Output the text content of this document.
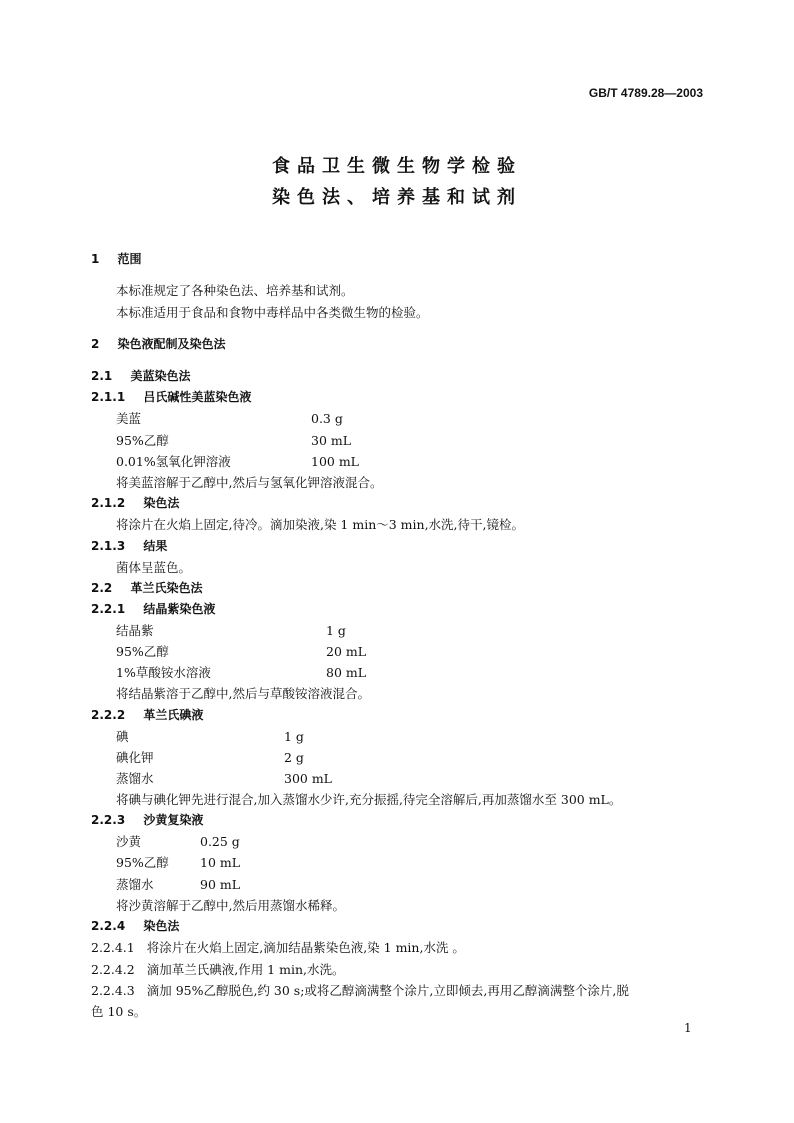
GB/T 4789.28—2003
食品卫生微生物学检验
染色法、培养基和试剂
1 范围
本标准规定了各种染色法、培养基和试剂。
本标准适用于食品和食物中毒样品中各类微生物的检验。
2 染色液配制及染色法
2.1 美蓝染色法
2.1.1 吕氏碱性美蓝染色液
美蓝	0.3 g
95%乙醇	30 mL
0.01%氢氧化钾溶液	100 mL
将美蓝溶解于乙醇中,然后与氢氧化钾溶液混合。
2.1.2 染色法
将涂片在火焰上固定,待冷。滴加染液,染 1 min～3 min,水洗,待干,镜检。
2.1.3 结果
菌体呈蓝色。
2.2 革兰氏染色法
2.2.1 结晶紫染色液
结晶紫	1 g
95%乙醇	20 mL
1%草酸铵水溶液	80 mL
将结晶紫溶于乙醇中,然后与草酸铵溶液混合。
2.2.2 革兰氏碘液
碘	1 g
碘化钾	2 g
蒸馏水	300 mL
将碘与碘化钾先进行混合,加入蒸馏水少许,充分振摇,待完全溶解后,再加蒸馏水至 300 mL。
2.2.3 沙黄复染液
沙黄	0.25 g
95%乙醇 10 mL
蒸馏水	90 mL
将沙黄溶解于乙醇中,然后用蒸馏水稀释。
2.2.4 染色法
2.2.4.1 将涂片在火焰上固定,滴加结晶紫染色液,染 1 min,水洗 。
2.2.4.2 滴加革兰氏碘液,作用 1 min,水洗。
2.2.4.3 滴加 95%乙醇脱色,约 30 s;或将乙醇滴满整个涂片,立即倾去,再用乙醇滴满整个涂片,脱
色 10 s。
1
